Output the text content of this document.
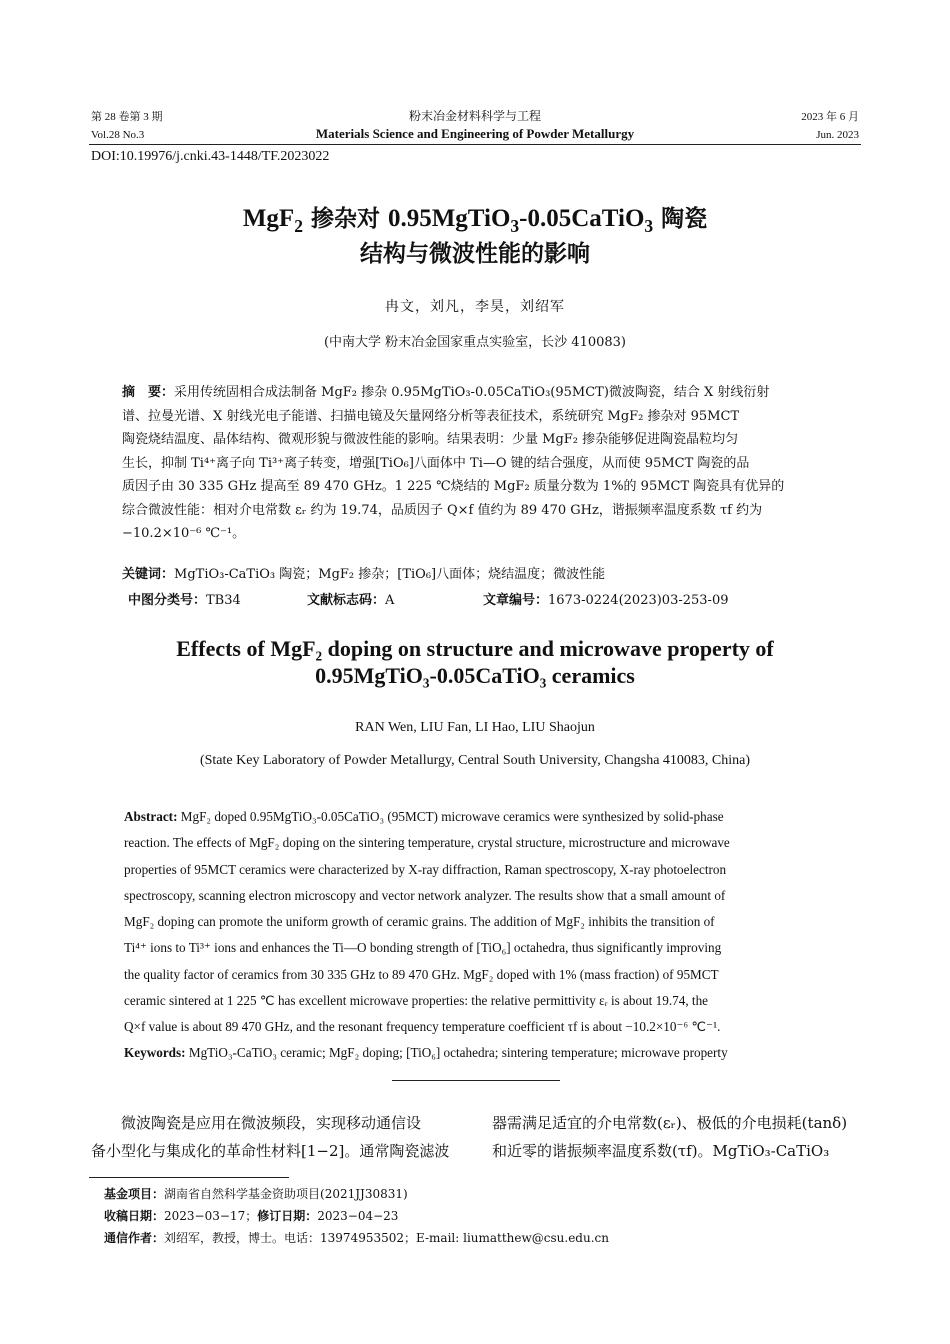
第 28 卷第 3 期	粉末冶金材料科学与工程	2023 年 6 月
Vol.28 No.3	Materials Science and Engineering of Powder Metallurgy	Jun. 2023
DOI:10.19976/j.cnki.43-1448/TF.2023022
MgF$_2$ 掺杂对 0.95MgTiO$_3$-0.05CaTiO$_3$ 陶瓷
结构与微波性能的影响
冉文，刘凡，李昊，刘绍军
(中南大学 粉末冶金国家重点实验室，长沙 410083)
摘　要：采用传统固相合成法制备 MgF₂ 掺杂 0.95MgTiO₃-0.05CaTiO₃(95MCT)微波陶瓷，结合 X 射线衍射
谱、拉曼光谱、X 射线光电子能谱、扫描电镜及矢量网络分析等表征技术，系统研究 MgF₂ 掺杂对 95MCT
陶瓷烧结温度、晶体结构、微观形貌与微波性能的影响。结果表明：少量 MgF₂ 掺杂能够促进陶瓷晶粒均匀
生长，抑制 Ti⁴⁺离子向 Ti³⁺离子转变，增强[TiO₆]八面体中 Ti—O 键的结合强度，从而使 95MCT 陶瓷的品
质因子由 30 335 GHz 提高至 89 470 GHz。1 225 ℃烧结的 MgF₂ 质量分数为 1%的 95MCT 陶瓷具有优异的
综合微波性能：相对介电常数 εᵣ 约为 19.74，品质因子 Q×f 值约为 89 470 GHz，谐振频率温度系数 τf 约为
−10.2×10⁻⁶ ℃⁻¹。
关键词：MgTiO₃-CaTiO₃ 陶瓷；MgF₂ 掺杂；[TiO₆]八面体；烧结温度；微波性能
中图分类号：TB34	文献标志码：A	文章编号：1673-0224(2023)03-253-09
Effects of MgF₂ doping on structure and microwave property of
0.95MgTiO₃-0.05CaTiO₃ ceramics
RAN Wen, LIU Fan, LI Hao, LIU Shaojun
(State Key Laboratory of Powder Metallurgy, Central South University, Changsha 410083, China)
Abstract: MgF₂ doped 0.95MgTiO₃-0.05CaTiO₃ (95MCT) microwave ceramics were synthesized by solid-phase
reaction. The effects of MgF₂ doping on the sintering temperature, crystal structure, microstructure and microwave
properties of 95MCT ceramics were characterized by X-ray diffraction, Raman spectroscopy, X-ray photoelectron
spectroscopy, scanning electron microscopy and vector network analyzer. The results show that a small amount of
MgF₂ doping can promote the uniform growth of ceramic grains. The addition of MgF₂ inhibits the transition of
Ti⁴⁺ ions to Ti³⁺ ions and enhances the Ti—O bonding strength of [TiO₆] octahedra, thus significantly improving
the quality factor of ceramics from 30 335 GHz to 89 470 GHz. MgF₂ doped with 1% (mass fraction) of 95MCT
ceramic sintered at 1 225 ℃ has excellent microwave properties: the relative permittivity εᵣ is about 19.74, the
Q×f value is about 89 470 GHz, and the resonant frequency temperature coefficient τf is about −10.2×10⁻⁶ ℃⁻¹.
Keywords: MgTiO₃-CaTiO₃ ceramic; MgF₂ doping; [TiO₆] octahedra; sintering temperature; microwave property
　　微波陶瓷是应用在微波频段，实现移动通信设
备小型化与集成化的革命性材料[1−2]。通常陶瓷滤波
器需满足适宜的介电常数(εᵣ)、极低的介电损耗(tanδ)
和近零的谐振频率温度系数(τf)。MgTiO₃-CaTiO₃
基金项目：湖南省自然科学基金资助项目(2021JJ30831)
收稿日期：2023−03−17；修订日期：2023−04−23
通信作者：刘绍军，教授，博士。电话：13974953502；E-mail: liumatthew@csu.edu.cn
